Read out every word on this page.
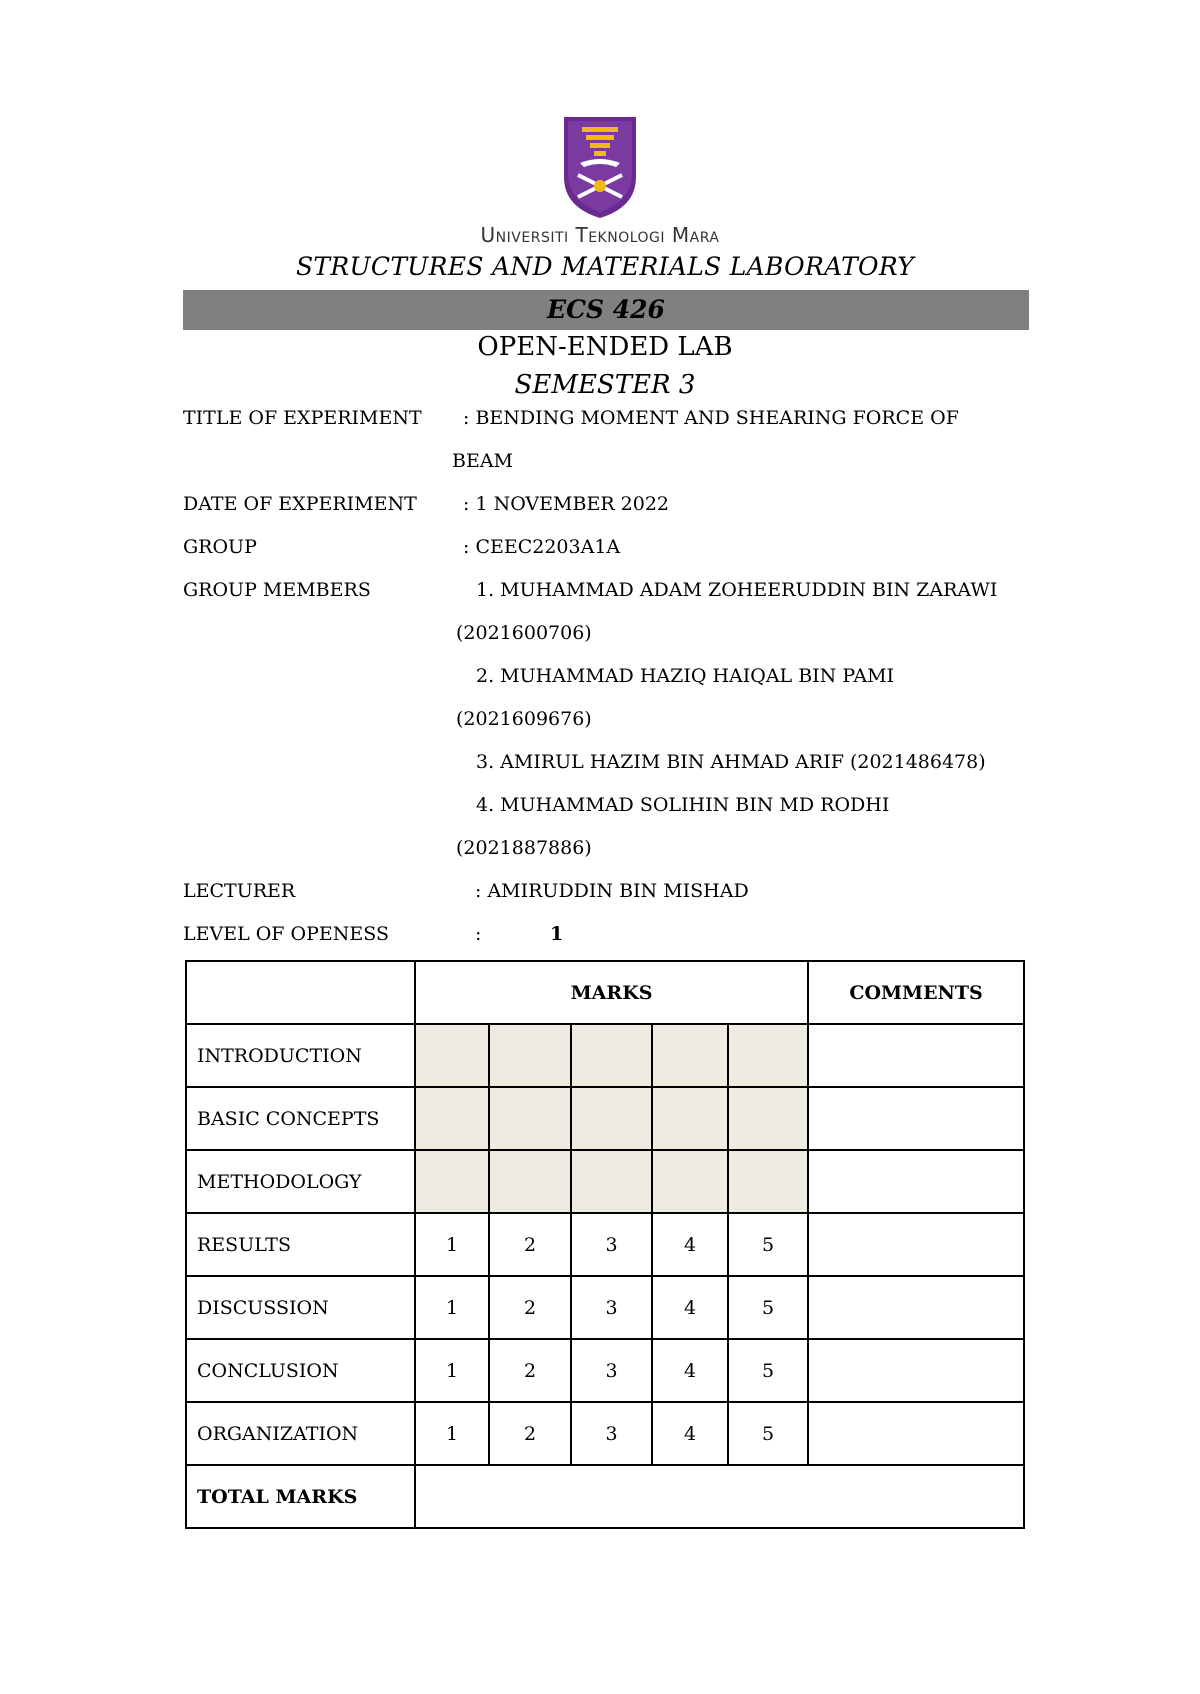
Universiti Teknologi Mara
STRUCTURES AND MATERIALS LABORATORY
ECS 426
OPEN-ENDED LAB
SEMESTER 3
TITLE OF EXPERIMENT : BENDING MOMENT AND SHEARING FORCE OF
BEAM
DATE OF EXPERIMENT : 1 NOVEMBER 2022
GROUP	: CEEC2203A1A
GROUP MEMBERS	1. MUHAMMAD ADAM ZOHEERUDDIN BIN ZARAWI
(2021600706)
2. MUHAMMAD HAZIQ HAIQAL BIN PAMI
(2021609676)
3. AMIRUL HAZIM BIN AHMAD ARIF (2021486478)
4. MUHAMMAD SOLIHIN BIN MD RODHI
(2021887886)
LECTURER	: AMIRUDDIN BIN MISHAD
LEVEL OF OPENESS	:	1
	MARKS					COMMENTS
INTRODUCTION						
BASIC CONCEPTS						
METHODOLOGY						
RESULTS	1	2	3	4	5	
DISCUSSION	1	2	3	4	5	
CONCLUSION	1	2	3	4	5	
ORGANIZATION	1	2	3	4	5	
TOTAL MARKS						
